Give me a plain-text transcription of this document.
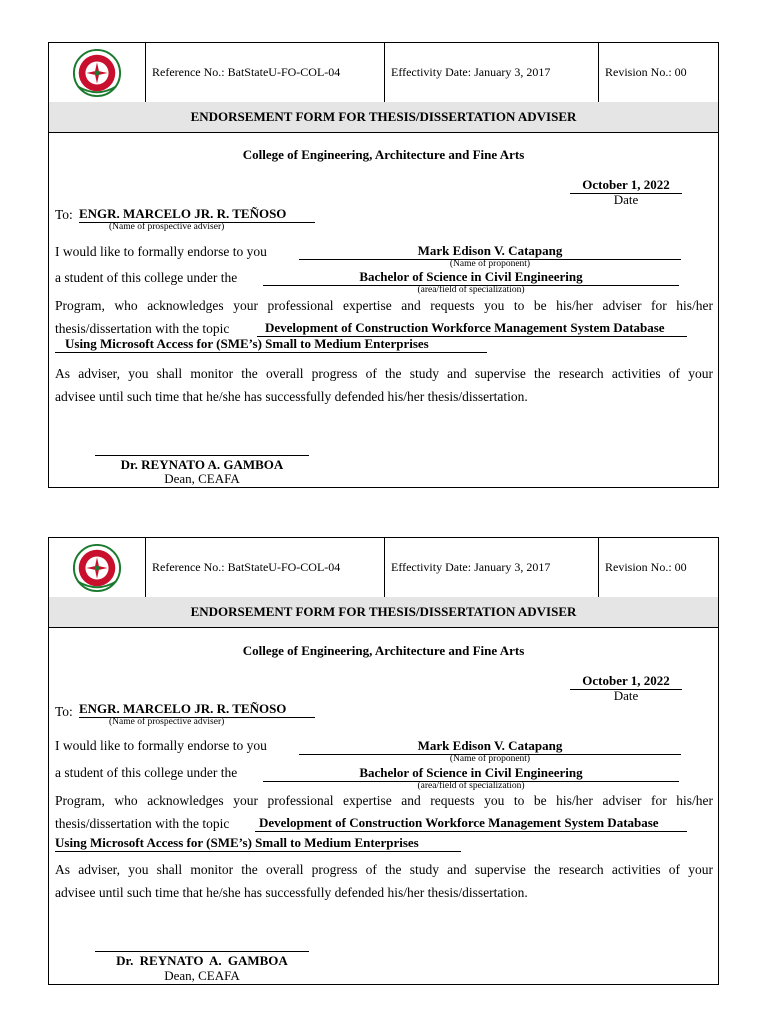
Reference No.: BatStateU-FO-COL-04	Effectivity Date: January 3, 2017	Revision No.: 00
ENDORSEMENT FORM FOR THESIS/DISSERTATION ADVISER
College of Engineering, Architecture and Fine Arts
October 1, 2022
Date
To: ENGR. MARCELO JR. R. TEÑOSO
(Name of prospective adviser)
I would like to formally endorse to you	Mark Edison V. Catapang
(Name of proponent)
a student of this college under the	Bachelor of Science in Civil Engineering
(area/field of specialization)
Program, who acknowledges your professional expertise and requests you to be his/her adviser for his/her
thesis/dissertation with the topic	Development of Construction Workforce Management System Database
Using Microsoft Access for (SME’s) Small to Medium Enterprises
As adviser, you shall monitor the overall progress of the study and supervise the research activities of your
advisee until such time that he/she has successfully defended his/her thesis/dissertation.
Dr. REYNATO A. GAMBOA
Dean, CEAFA
Reference No.: BatStateU-FO-COL-04	Effectivity Date: January 3, 2017	Revision No.: 00
ENDORSEMENT FORM FOR THESIS/DISSERTATION ADVISER
College of Engineering, Architecture and Fine Arts
October 1, 2022
Date
To: ENGR. MARCELO JR. R. TEÑOSO
(Name of prospective adviser)
I would like to formally endorse to you	Mark Edison V. Catapang
(Name of proponent)
a student of this college under the	Bachelor of Science in Civil Engineering
(area/field of specialization)
Program, who acknowledges your professional expertise and requests you to be his/her adviser for his/her
thesis/dissertation with the topic	Development of Construction Workforce Management System Database
Using Microsoft Access for (SME’s) Small to Medium Enterprises
As adviser, you shall monitor the overall progress of the study and supervise the research activities of your
advisee until such time that he/she has successfully defended his/her thesis/dissertation.
Dr. REYNATO A. GAMBOA
Dean, CEAFA
